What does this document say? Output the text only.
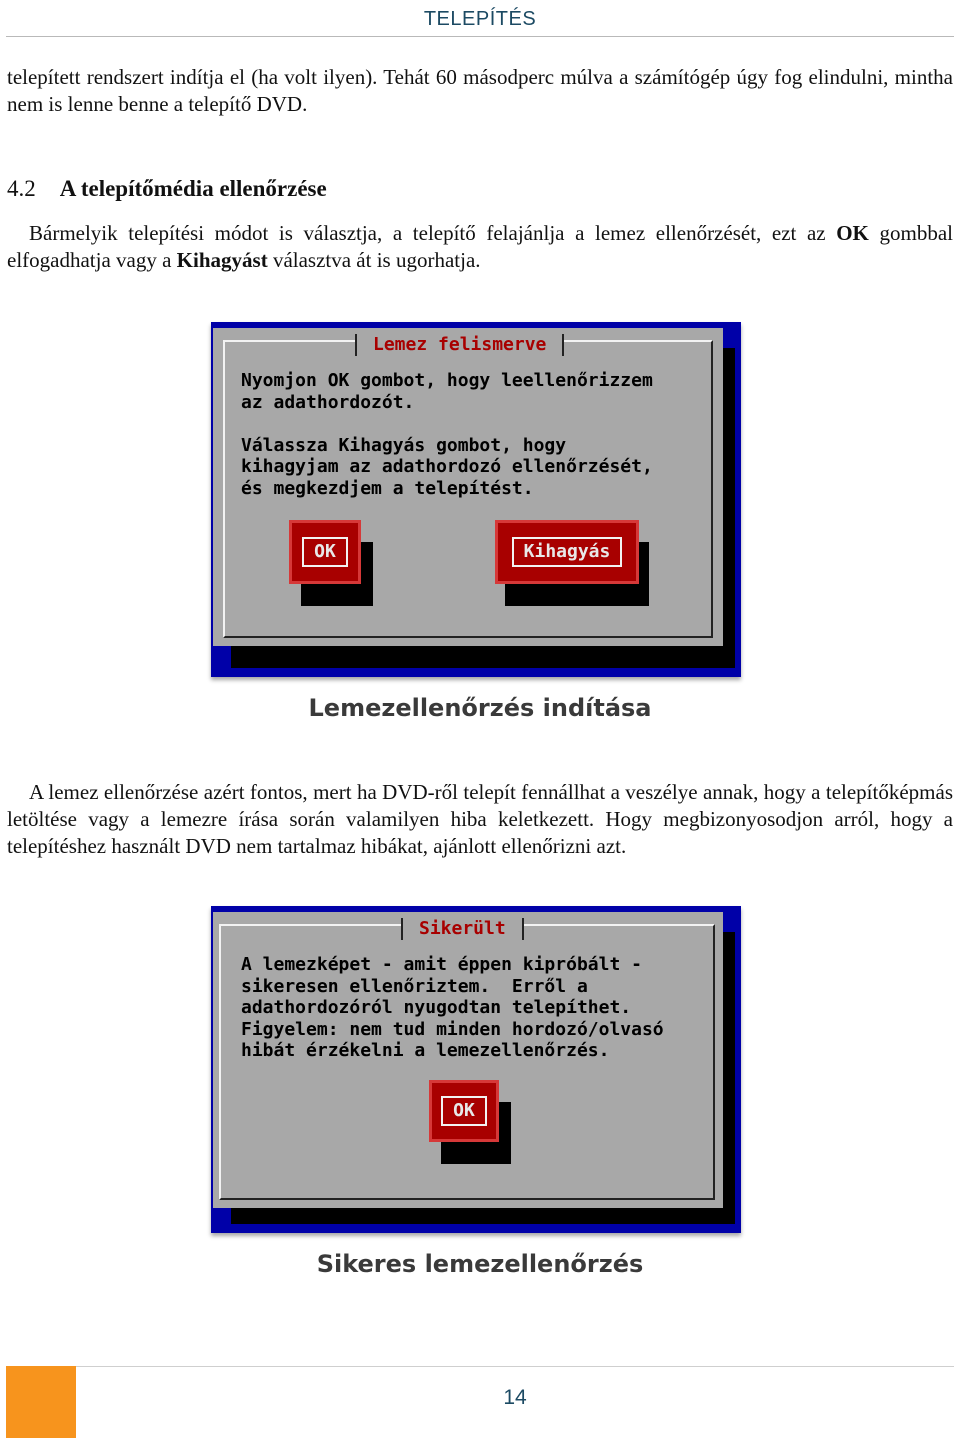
TELEPÍTÉS

telepített rendszert indítja el (ha volt ilyen). Tehát 60 másodperc múlva a számítógép úgy fog elindulni, mintha nem is lenne benne a telepítő DVD.

4.2 A telepítőmédia ellenőrzése

Bármelyik telepítési módot is választja, a telepítő felajánlja a lemez ellenőrzését, ezt az OK gombbal elfogadhatja vagy a Kihagyást választva át is ugorhatja.

Lemez felismerve
Nyomjon OK gombot, hogy leellenőrizzem
az adathordozót.

Válassza Kihagyás gombot, hogy
kihagyjam az adathordozó ellenőrzését,
és megkezdjem a telepítést.
OK	Kihagyás

Lemezellenőrzés indítása

A lemez ellenőrzése azért fontos, mert ha DVD-ről telepít fennállhat a veszélye annak, hogy a telepítőképmás letöltése vagy a lemezre írása során valamilyen hiba keletkezett. Hogy megbizonyosodjon arról, hogy a telepítéshez használt DVD nem tartalmaz hibákat, ajánlott ellenőrizni azt.

Sikerült
A lemezképet - amit éppen kipróbált -
sikeresen ellenőriztem.  Erről a
adathordozóról nyugodtan telepíthet.
Figyelem: nem tud minden hordozó/olvasó
hibát érzékelni a lemezellenőrzés.
OK

Sikeres lemezellenőrzés

14
